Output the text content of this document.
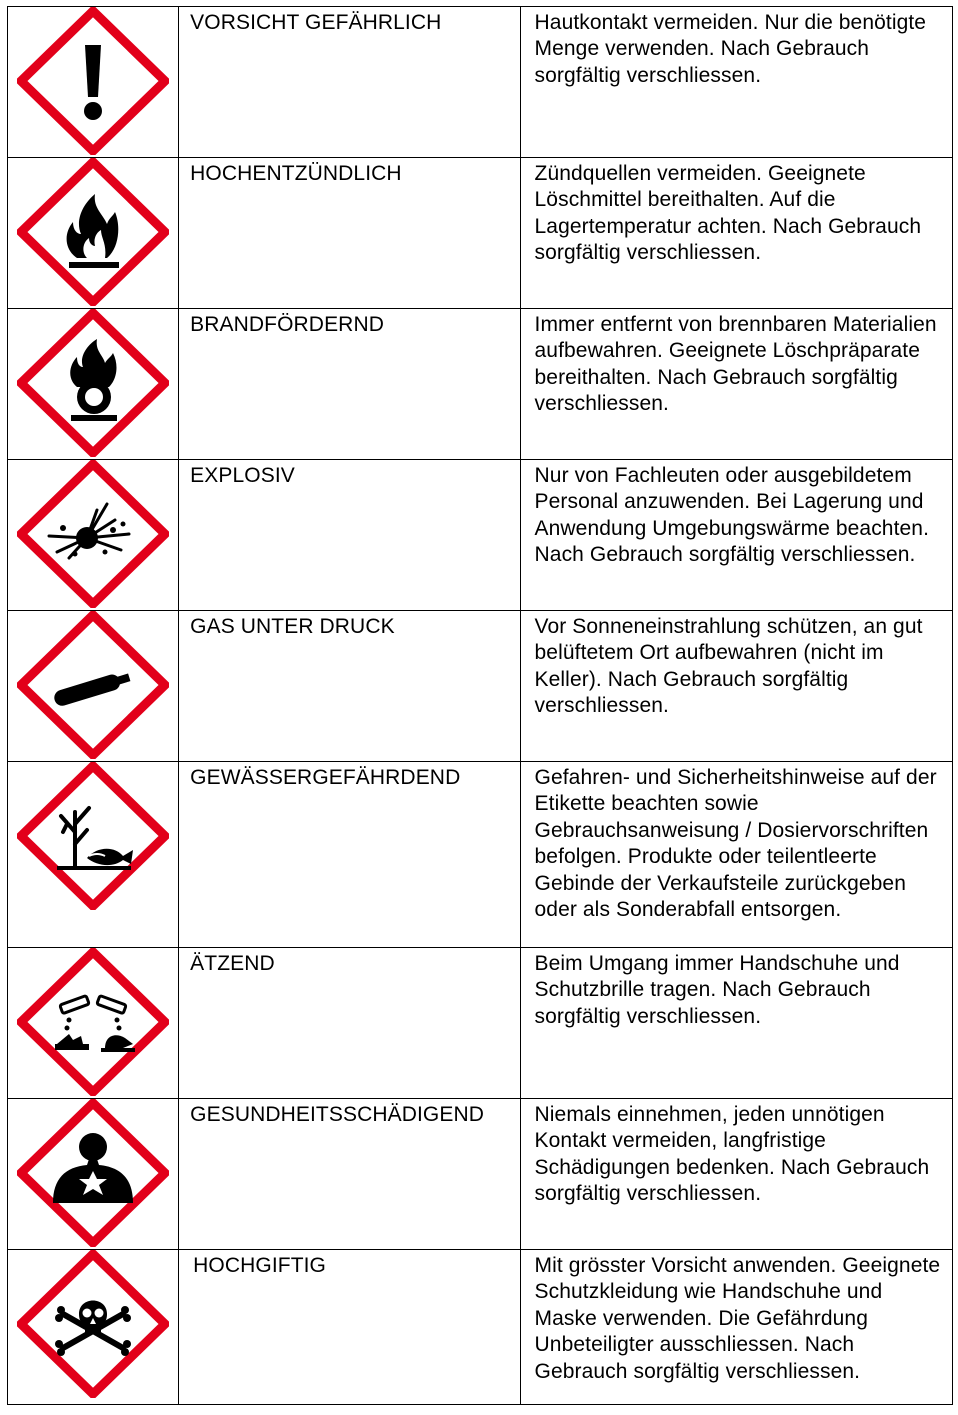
VORSICHT GEFÄHRLICH	Hautkontakt vermeiden. Nur die benötigte Menge verwenden. Nach Gebrauch sorgfältig verschliessen.

HOCHENTZÜNDLICH	Zündquellen vermeiden. Geeignete Löschmittel bereithalten. Auf die Lagertemperatur achten. Nach Gebrauch sorgfältig verschliessen.

BRANDFÖRDERND	Immer entfernt von brennbaren Materialien aufbewahren. Geeignete Löschpräparate bereithalten. Nach Gebrauch sorgfältig verschliessen.

EXPLOSIV	Nur von Fachleuten oder ausgebildetem Personal anzuwenden. Bei Lagerung und Anwendung Umgebungswärme beachten. Nach Gebrauch sorgfältig verschliessen.

GAS UNTER DRUCK	Vor Sonneneinstrahlung schützen, an gut belüftetem Ort aufbewahren (nicht im Keller). Nach Gebrauch sorgfältig verschliessen.

GEWÄSSERGEFÄHRDEND	Gefahren- und Sicherheitshinweise auf der Etikette beachten sowie Gebrauchsanweisung / Dosiervorschriften befolgen. Produkte oder teilentleerte Gebinde der Verkaufsteile zurückgeben oder als Sonderabfall entsorgen.

ÄTZEND	Beim Umgang immer Handschuhe und Schutzbrille tragen. Nach Gebrauch sorgfältig verschliessen.

GESUNDHEITSSCHÄDIGEND	Niemals einnehmen, jeden unnötigen Kontakt vermeiden, langfristige Schädigungen bedenken. Nach Gebrauch sorgfältig verschliessen.

HOCHGIFTIG	Mit grösster Vorsicht anwenden. Geeignete Schutzkleidung wie Handschuhe und Maske verwenden. Die Gefährdung Unbeteiligter ausschliessen. Nach Gebrauch sorgfältig verschliessen.
